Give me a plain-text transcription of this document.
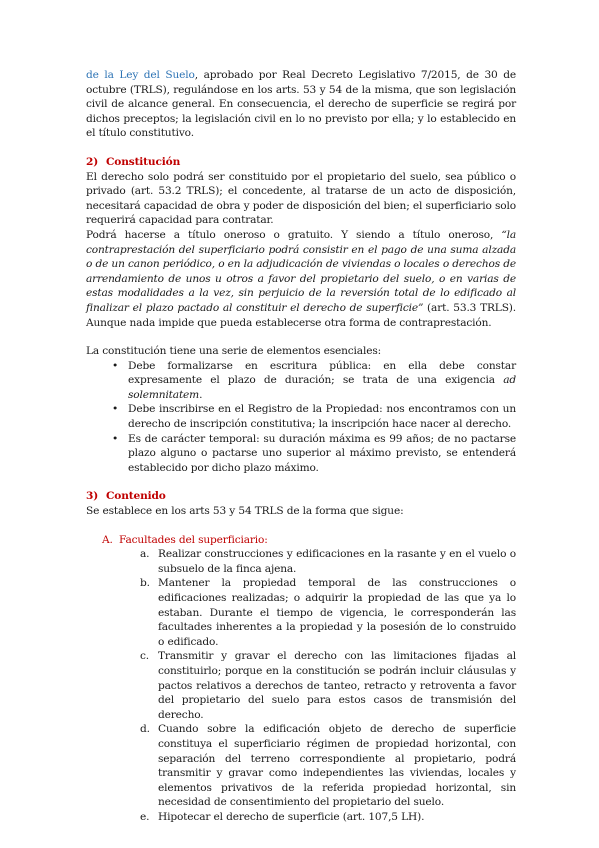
de la Ley del Suelo, aprobado por Real Decreto Legislativo 7/2015, de 30 de octubre (TRLS), regulándose en los arts. 53 y 54 de la misma, que son legislación civil de alcance general. En consecuencia, el derecho de superficie se regirá por dichos preceptos; la legislación civil en lo no previsto por ella; y lo establecido en el título constitutivo.

2) Constitución

El derecho solo podrá ser constituido por el propietario del suelo, sea público o privado (art. 53.2 TRLS); el concedente, al tratarse de un acto de disposición, necesitará capacidad de obra y poder de disposición del bien; el superficiario solo requerirá capacidad para contratar.

Podrá hacerse a título oneroso o gratuito. Y siendo a título oneroso, “la contraprestación del superficiario podrá consistir en el pago de una suma alzada o de un canon periódico, o en la adjudicación de viviendas o locales o derechos de arrendamiento de unos u otros a favor del propietario del suelo, o en varias de estas modalidades a la vez, sin perjuicio de la reversión total de lo edificado al finalizar el plazo pactado al constituir el derecho de superficie” (art. 53.3 TRLS). Aunque nada impide que pueda establecerse otra forma de contraprestación.

La constitución tiene una serie de elementos esenciales:

• Debe formalizarse en escritura pública: en ella debe constar expresamente el plazo de duración; se trata de una exigencia ad solemnitatem.
• Debe inscribirse en el Registro de la Propiedad: nos encontramos con un derecho de inscripción constitutiva; la inscripción hace nacer al derecho.
• Es de carácter temporal: su duración máxima es 99 años; de no pactarse plazo alguno o pactarse uno superior al máximo previsto, se entenderá establecido por dicho plazo máximo.

3) Contenido

Se establece en los arts 53 y 54 TRLS de la forma que sigue:

A. Facultades del superficiario:

a. Realizar construcciones y edificaciones en la rasante y en el vuelo o subsuelo de la finca ajena.
b. Mantener la propiedad temporal de las construcciones o edificaciones realizadas; o adquirir la propiedad de las que ya lo estaban. Durante el tiempo de vigencia, le corresponderán las facultades inherentes a la propiedad y la posesión de lo construido o edificado.
c. Transmitir y gravar el derecho con las limitaciones fijadas al constituirlo; porque en la constitución se podrán incluir cláusulas y pactos relativos a derechos de tanteo, retracto y retroventa a favor del propietario del suelo para estos casos de transmisión del derecho.
d. Cuando sobre la edificación objeto de derecho de superficie constituya el superficiario régimen de propiedad horizontal, con separación del terreno correspondiente al propietario, podrá transmitir y gravar como independientes las viviendas, locales y elementos privativos de la referida propiedad horizontal, sin necesidad de consentimiento del propietario del suelo.
e. Hipotecar el derecho de superficie (art. 107,5 LH).
